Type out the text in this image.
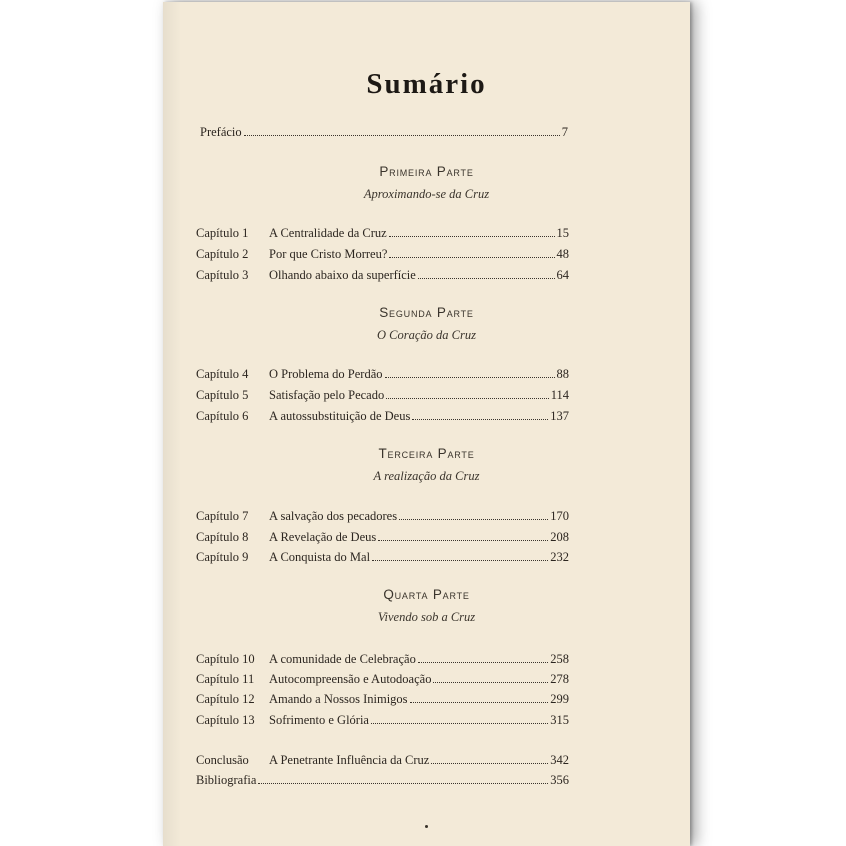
Sumário
Prefácio	7
Primeira Parte
Aproximando-se da Cruz
Capítulo 1	A Centralidade da Cruz	15
Capítulo 2	Por que Cristo Morreu?	48
Capítulo 3	Olhando abaixo da superfície	64
Segunda Parte
O Coração da Cruz
Capítulo 4	O Problema do Perdão	88
Capítulo 5	Satisfação pelo Pecado	114
Capítulo 6	A autossubstituição de Deus	137
Terceira Parte
A realização da Cruz
Capítulo 7	A salvação dos pecadores	170
Capítulo 8	A Revelação de Deus	208
Capítulo 9	A Conquista do Mal	232
Quarta Parte
Vivendo sob a Cruz
Capítulo 10	A comunidade de Celebração	258
Capítulo 11	Autocompreensão e Autodoação	278
Capítulo 12	Amando a Nossos Inimigos	299
Capítulo 13	Sofrimento e Glória	315
Conclusão	A Penetrante Influência da Cruz	342
Bibliografia	356
